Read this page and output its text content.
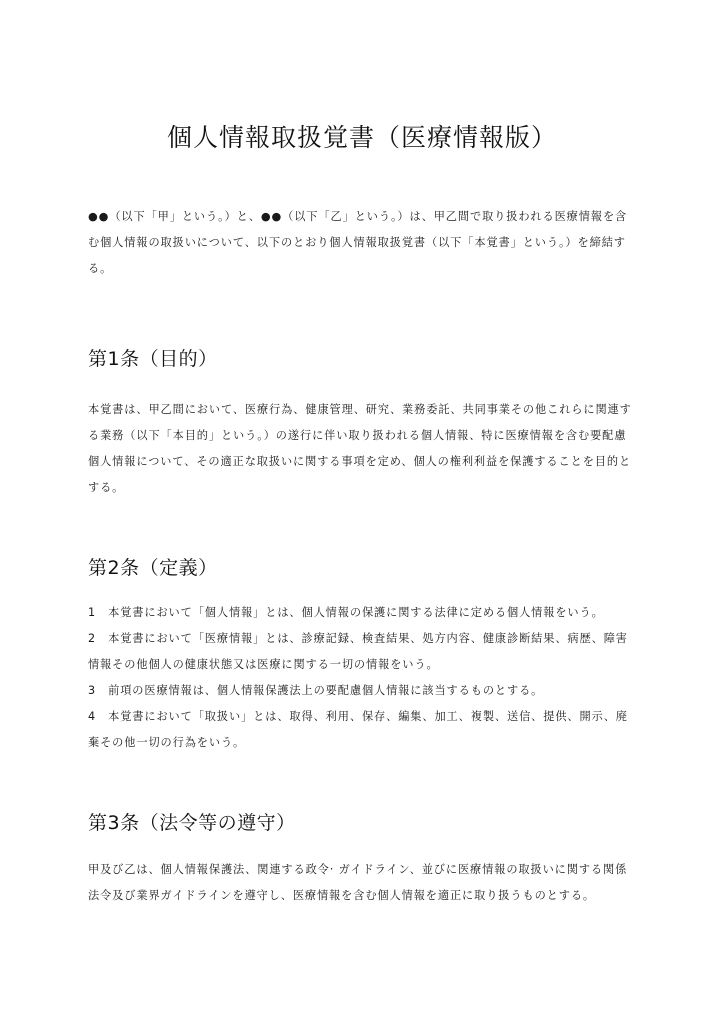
個人情報取扱覚書（医療情報版）

●●（以下「甲」という。）と、●●（以下「乙」という。）は、甲乙間で取り扱われる医療情報を含
む個人情報の取扱いについて、以下のとおり個人情報取扱覚書（以下「本覚書」という。）を締結す
る。

第1条（目的）

本覚書は、甲乙間において、医療行為、健康管理、研究、業務委託、共同事業その他これらに関連す
る業務（以下「本目的」という。）の遂行に伴い取り扱われる個人情報、特に医療情報を含む要配慮
個人情報について、その適正な取扱いに関する事項を定め、個人の権利利益を保護することを目的と
する。

第2条（定義）

1　本覚書において「個人情報」とは、個人情報の保護に関する法律に定める個人情報をいう。
2　本覚書において「医療情報」とは、診療記録、検査結果、処方内容、健康診断結果、病歴、障害
情報その他個人の健康状態又は医療に関する一切の情報をいう。
3　前項の医療情報は、個人情報保護法上の要配慮個人情報に該当するものとする。
4　本覚書において「取扱い」とは、取得、利用、保存、編集、加工、複製、送信、提供、開示、廃
棄その他一切の行為をいう。

第3条（法令等の遵守）

甲及び乙は、個人情報保護法、関連する政令· ガイドライン、並びに医療情報の取扱いに関する関係
法令及び業界ガイドラインを遵守し、医療情報を含む個人情報を適正に取り扱うものとする。
